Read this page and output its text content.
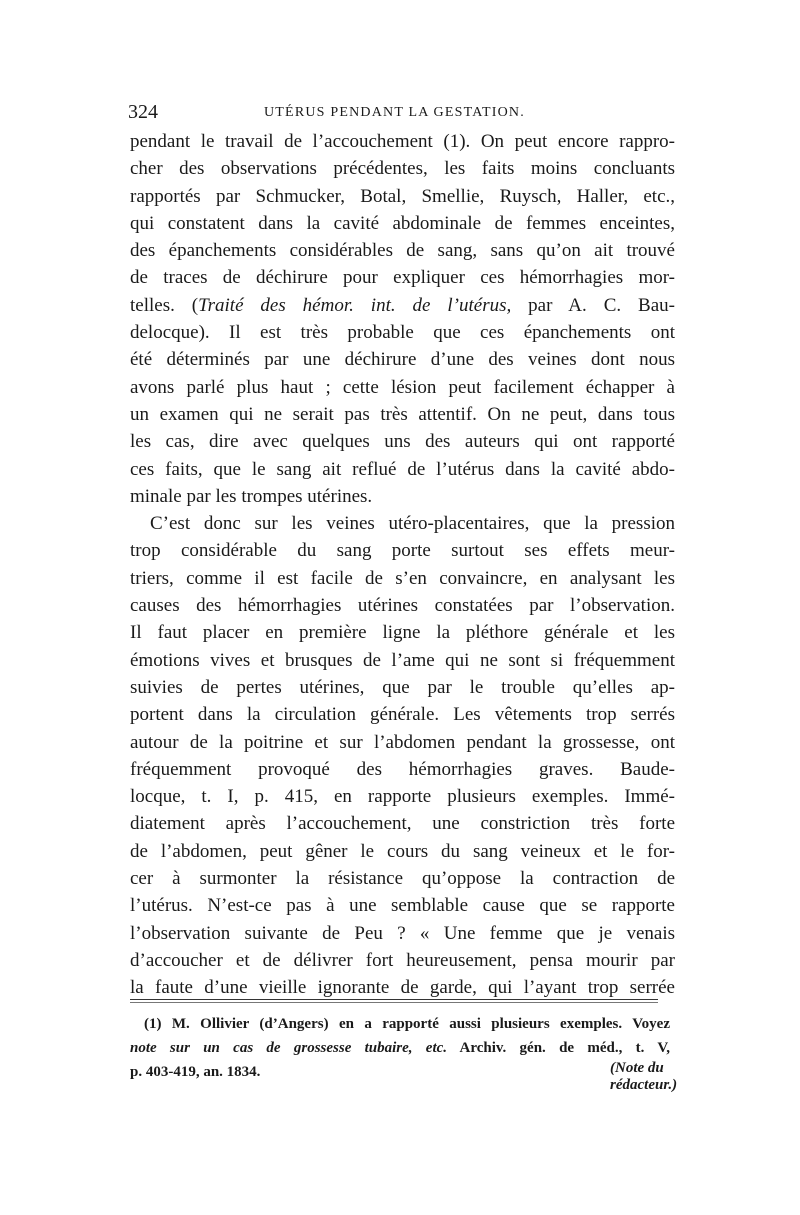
324	UTÉRUS PENDANT LA GESTATION.
pendant le travail de l’accouchement (1). On peut encore rappro-
cher des observations précédentes, les faits moins concluants
rapportés par Schmucker, Botal, Smellie, Ruysch, Haller, etc.,
qui constatent dans la cavité abdominale de femmes enceintes,
des épanchements considérables de sang, sans qu’on ait trouvé
de traces de déchirure pour expliquer ces hémorrhagies mor-
telles. (Traité des hémor. int. de l’utérus, par A. C. Bau-
delocque). Il est très probable que ces épanchements ont
été déterminés par une déchirure d’une des veines dont nous
avons parlé plus haut ; cette lésion peut facilement échapper à
un examen qui ne serait pas très attentif. On ne peut, dans tous
les cas, dire avec quelques uns des auteurs qui ont rapporté
ces faits, que le sang ait reflué de l’utérus dans la cavité abdo-
minale par les trompes utérines.
C’est donc sur les veines utéro-placentaires, que la pression
trop considérable du sang porte surtout ses effets meur-
triers, comme il est facile de s’en convaincre, en analysant les
causes des hémorrhagies utérines constatées par l’observation.
Il faut placer en première ligne la pléthore générale et les
émotions vives et brusques de l’ame qui ne sont si fréquemment
suivies de pertes utérines, que par le trouble qu’elles ap-
portent dans la circulation générale. Les vêtements trop serrés
autour de la poitrine et sur l’abdomen pendant la grossesse, ont
fréquemment provoqué des hémorrhagies graves. Baude-
locque, t. I, p. 415, en rapporte plusieurs exemples. Immé-
diatement après l’accouchement, une constriction très forte
de l’abdomen, peut gêner le cours du sang veineux et le for-
cer à surmonter la résistance qu’oppose la contraction de
l’utérus. N’est-ce pas à une semblable cause que se rapporte
l’observation suivante de Peu ? « Une femme que je venais
d’accoucher et de délivrer fort heureusement, pensa mourir par
la faute d’une vieille ignorante de garde, qui l’ayant trop serrée
(1) M. Ollivier (d’Angers) en a rapporté aussi plusieurs exemples. Voyez
note sur un cas de grossesse tubaire, etc. Archiv. gén. de méd., t. V,
p. 403-419, an. 1834.	(Note du rédacteur.)
